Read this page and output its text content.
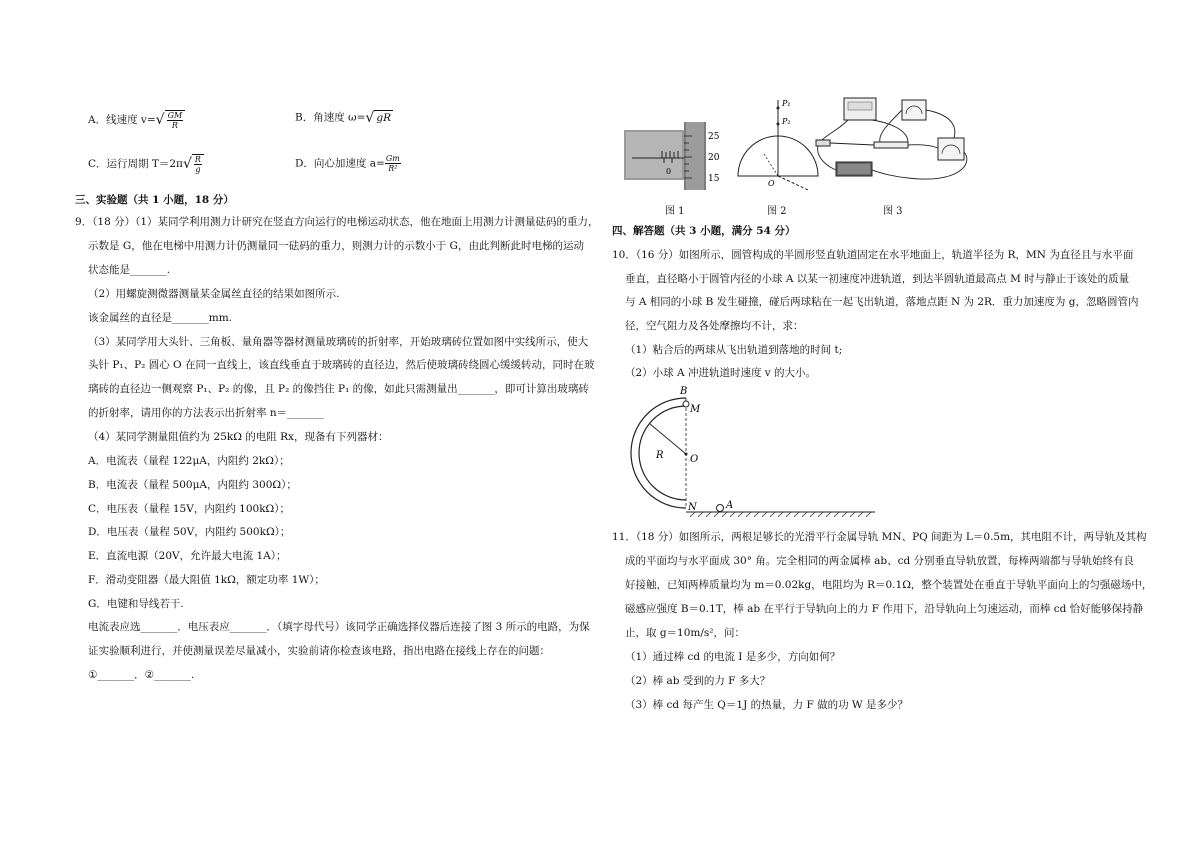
A．线速度 $v=√ \frac{GM}{R}$	B．角速度 ω=√ gR
C．运行周期 $T=2\pi√ \frac{R}{g}$	D．向心加速度 $a= \frac{Gm}{\text{R²}}$
三、实验题（共 1 小题，18 分）
9．（18 分）（1）某同学利用测力计研究在竖直方向运行的电梯运动状态，他在地面上用测力计测量砝码的重力，
示数是 G，他在电梯中用测力计仍测量同一砝码的重力，则测力计的示数小于 G，由此判断此时电梯的运动
状态能是_______.
（2）用螺旋测微器测量某金属丝直径的结果如图所示.
该金属丝的直径是_______mm.
（3）某同学用大头针、三角板、量角器等器材测量玻璃砖的折射率，开始玻璃砖位置如图中实线所示，使大
头针 P₁、P₂ 圆心 O 在同一直线上，该直线垂直于玻璃砖的直径边，然后使玻璃砖绕圆心缓缓转动，同时在玻
璃砖的直径边一侧观察 P₁、P₂ 的像，且 P₂ 的像挡住 P₁ 的像，如此只需测量出_______，即可计算出玻璃砖
的折射率，请用你的方法表示出折射率 n＝_______
（4）某同学测量阻值约为 25kΩ 的电阻 Rx，现备有下列器材：
A．电流表（量程 122μA，内阻约 2kΩ）；
B．电流表（量程 500μA，内阻约 300Ω）；
C．电压表（量程 15V，内阻约 100kΩ）；
D．电压表（量程 50V，内阻约 500kΩ）；
E．直流电源（20V，允许最大电流 1A）；
F．滑动变阻器（最大阻值 1kΩ，额定功率 1W）；
G．电键和导线若干.
电流表应选_______．电压表应_______．（填字母代号）该同学正确选择仪器后连接了图 3 所示的电路，为保
证实验顺利进行，并使测量误差尽量减小，实验前请你检查该电路，指出电路在接线上存在的问题：
①_______．②_______.
25
20
15
0
图 1
P₁
P₂
O
图 2	图 3
四、解答题（共 3 小题，满分 54 分）
10．（16 分）如图所示，圆管构成的半圆形竖直轨道固定在水平地面上，轨道半径为 R，MN 为直径且与水平面
垂直，直径略小于圆管内径的小球 A 以某一初速度冲进轨道，到达半圆轨道最高点 M 时与静止于该处的质量
与 A 相同的小球 B 发生碰撞，碰后两球粘在一起飞出轨道，落地点距 N 为 2R．重力加速度为 g，忽略圆管内
径，空气阻力及各处摩擦均不计，求：
（1）粘合后的两球从飞出轨道到落地的时间 t;
（2）小球 A 冲进轨道时速度 v 的大小。
B
M
R	O
N	A
11．（18 分）如图所示，两根足够长的光滑平行金属导轨 MN、PQ 间距为 L＝0.5m，其电阻不计，两导轨及其构
成的平面均与水平面成 30° 角。完全相同的两金属棒 ab、cd 分别垂直导轨放置，每棒两端都与导轨始终有良
好接触，已知两棒质量均为 m＝0.02kg，电阻均为 R＝0.1Ω，整个装置处在垂直于导轨平面向上的匀强磁场中，
磁感应强度 B＝0.1T，棒 ab 在平行于导轨向上的力 F 作用下，沿导轨向上匀速运动，而棒 cd 恰好能够保持静
止，取 g＝10m/s²，问：
（1）通过棒 cd 的电流 I 是多少，方向如何？
（2）棒 ab 受到的力 F 多大？
（3）棒 cd 每产生 Q＝1J 的热量，力 F 做的功 W 是多少？
